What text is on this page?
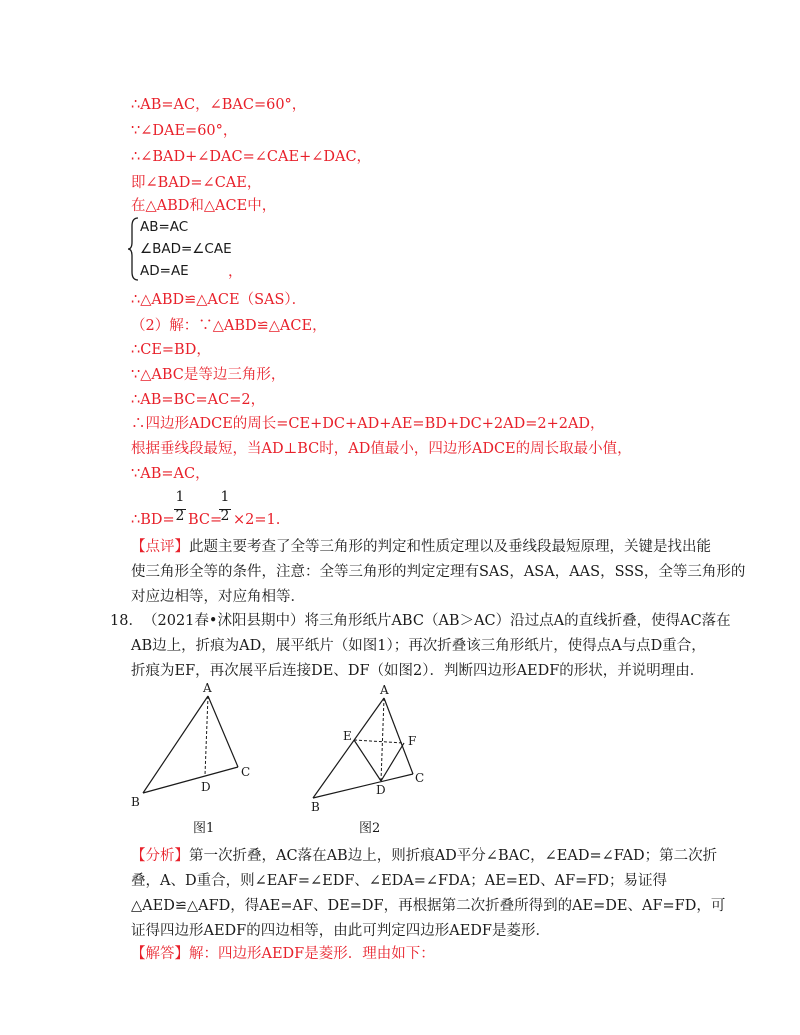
∴AB=AC，∠BAC=60°，
∵∠DAE=60°，
∴∠BAD+∠DAC=∠CAE+∠DAC，
即∠BAD=∠CAE，
在△ABD和△ACE中，
AB=AC
∠BAD=∠CAE
AD=AE	，
∴△ABD≌△ACE（SAS）．
（2）解：∵△ABD≌△ACE，
∴CE=BD，
∵△ABC是等边三角形，
∴AB=BC=AC=2，
∴四边形ADCE的周长=CE+DC+AD+AE=BD+DC+2AD=2+2AD，
根据垂线段最短，当AD⊥BC时，AD值最小，四边形ADCE的周长取最小值，
∵AB=AC，
∴BD=
1
2 BC=
1
2 ×2=1.
【点评】此题主要考查了全等三角形的判定和性质定理以及垂线段最短原理，关键是找出能
使三角形全等的条件，注意：全等三角形的判定定理有SAS，ASA，AAS，SSS，全等三角形的
对应边相等，对应角相等．
18． （2021春•沭阳县期中）将三角形纸片ABC（AB＞AC）沿过点A的直线折叠，使得AC落在
AB边上，折痕为AD，展平纸片（如图1）；再次折叠该三角形纸片，使得点A与点D重合，
折痕为EF，再次展平后连接DE、DF（如图2）．判断四边形AEDF的形状，并说明理由．
A
B
C
D
A
E	F
B
C
D
图1	图2
【分析】第一次折叠，AC落在AB边上，则折痕AD平分∠BAC，∠EAD=∠FAD；第二次折
叠，A、D重合，则∠EAF=∠EDF、∠EDA=∠FDA；AE=ED、AF=FD；易证得
△AED≌△AFD，得AE=AF、DE=DF，再根据第二次折叠所得到的AE=DE、AF=FD，可
证得四边形AEDF的四边相等，由此可判定四边形AEDF是菱形．
【解答】解：四边形AEDF是菱形．理由如下：
